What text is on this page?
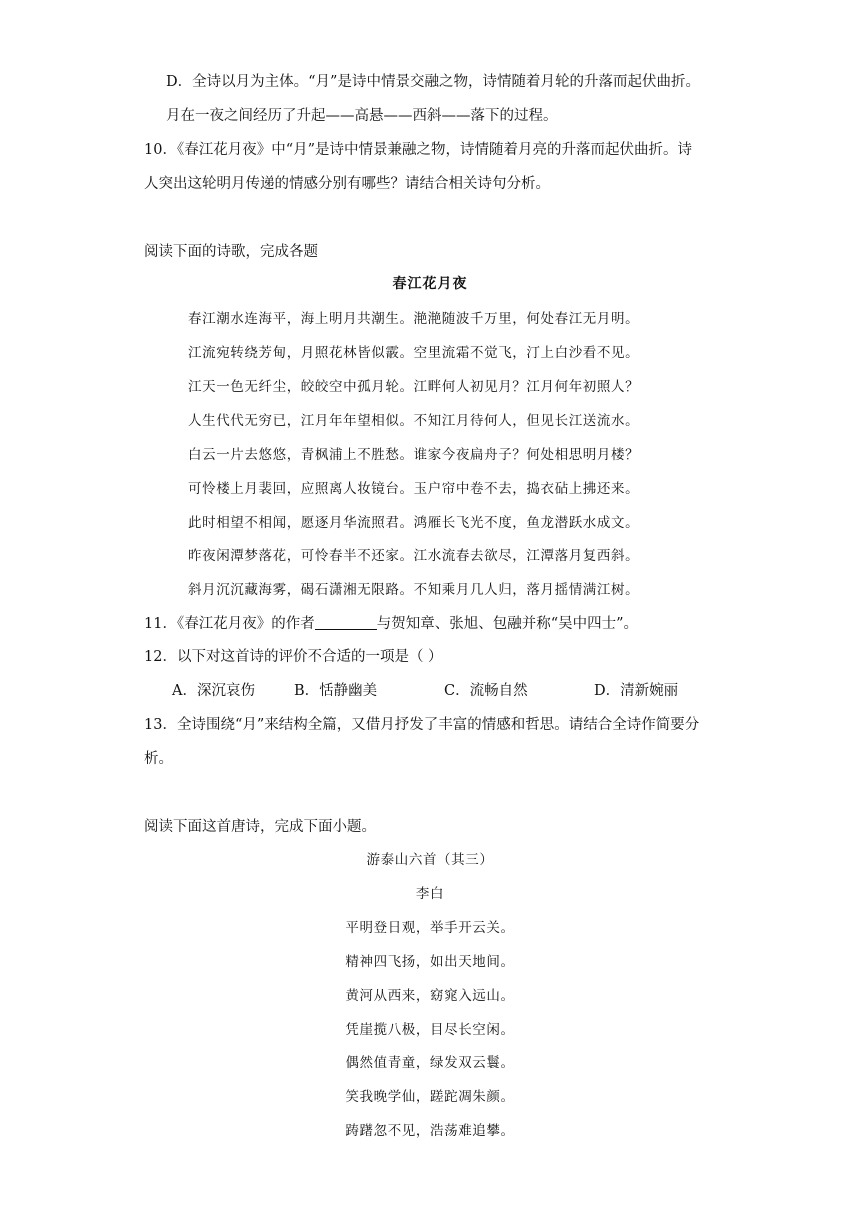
D．全诗以月为主体。“月”是诗中情景交融之物，诗情随着月轮的升落而起伏曲折。
月在一夜之间经历了升起——高悬——西斜——落下的过程。
10．《春江花月夜》中“月”是诗中情景兼融之物，诗情随着月亮的升落而起伏曲折。诗
人突出这轮明月传递的情感分别有哪些？请结合相关诗句分析。
阅读下面的诗歌，完成各题
春江花月夜
春江潮水连海平，海上明月共潮生。滟滟随波千万里，何处春江无月明。
江流宛转绕芳甸，月照花林皆似霰。空里流霜不觉飞，汀上白沙看不见。
江天一色无纤尘，皎皎空中孤月轮。江畔何人初见月？江月何年初照人？
人生代代无穷已，江月年年望相似。不知江月待何人，但见长江送流水。
白云一片去悠悠，青枫浦上不胜愁。谁家今夜扁舟子？何处相思明月楼？
可怜楼上月裴回，应照离人妆镜台。玉户帘中卷不去，捣衣砧上拂还来。
此时相望不相闻，愿逐月华流照君。鸿雁长飞光不度，鱼龙潜跃水成文。
昨夜闲潭梦落花，可怜春半不还家。江水流春去欲尽，江潭落月复西斜。
斜月沉沉藏海雾，碣石潇湘无限路。不知乘月几人归，落月摇情满江树。
11．《春江花月夜》的作者	与贺知章、张旭、包融并称“吴中四士”。
12．以下对这首诗的评价不合适的一项是（ ）
A．深沉哀伤	B．恬静幽美	C．流畅自然	D．清新婉丽
13．全诗围绕“月”来结构全篇，又借月抒发了丰富的情感和哲思。请结合全诗作简要分
析。
阅读下面这首唐诗，完成下面小题。
游泰山六首（其三）
李白
平明登日观，举手开云关。
精神四飞扬，如出天地间。
黄河从西来，窈窕入远山。
凭崖揽八极，目尽长空闲。
偶然值青童，绿发双云鬟。
笑我晚学仙，蹉跎凋朱颜。
踌躇忽不见，浩荡难追攀。
